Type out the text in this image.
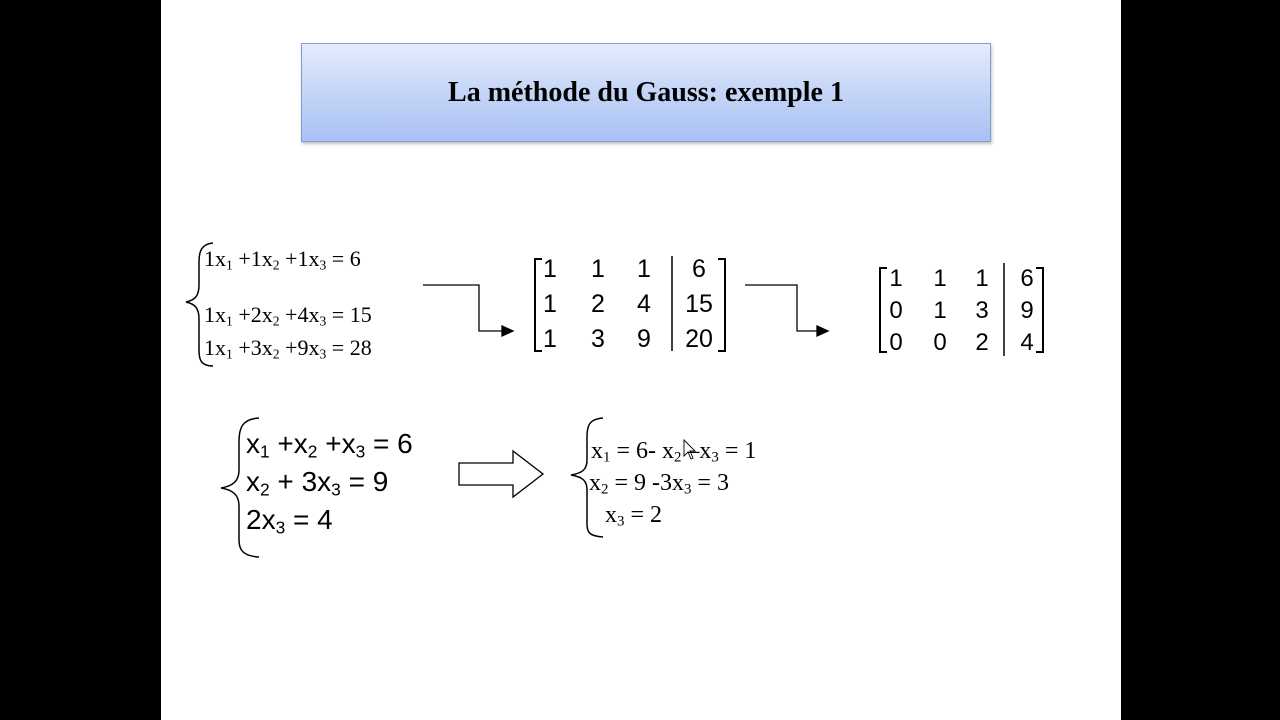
La méthode du Gauss: exemple 1
$1x_1 +1x_2 +1x_3 = 6$
$1x_1 +2x_2 +4x_3 = 15$
$1x_1 +3x_2 +9x_3 = 28$
1	1	1	6
1	2	4	15
1	3	9	20
1	1	1	6
0	1	3	9
0	0	2	4
$x_1 +x_2 +x_3 = 6$
$x_2 + 3x_3 = 9$
$2x_3 = 4$
$x_1 = 6-$ $x_2$ $-x_3 = 1$
$x_2 = 9$ $-3x_3 = 3$
$x_3 = 2$
